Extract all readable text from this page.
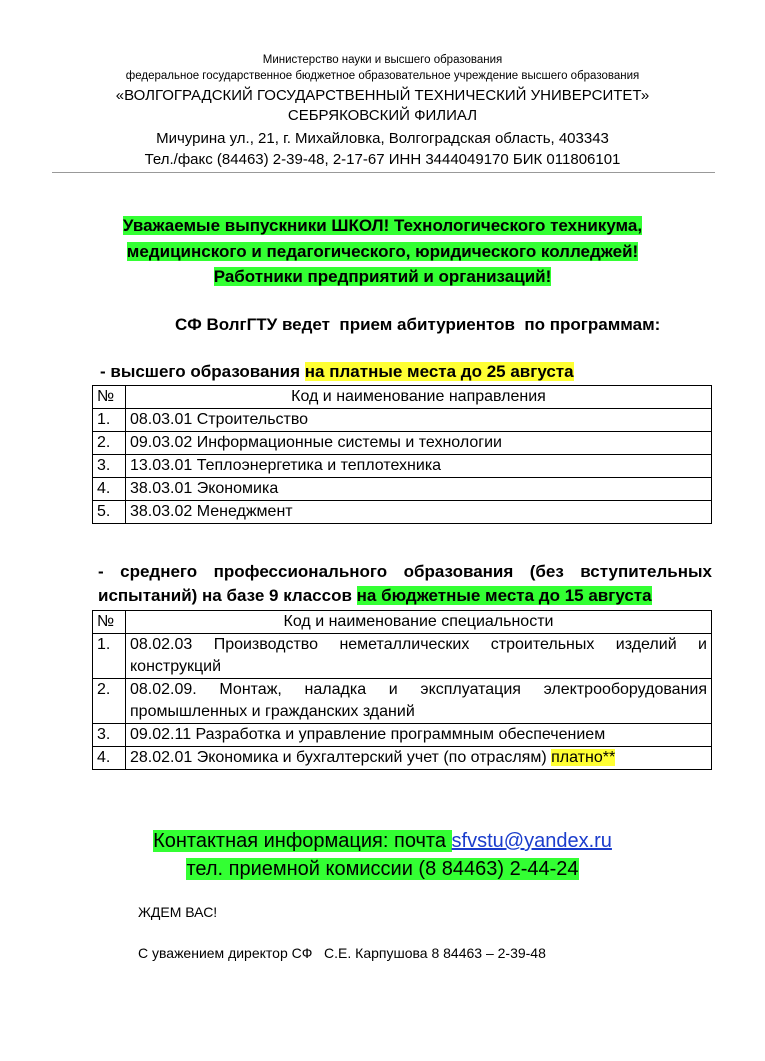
Министерство науки и высшего образования
федеральное государственное бюджетное образовательное учреждение высшего образования
«ВОЛГОГРАДСКИЙ ГОСУДАРСТВЕННЫЙ ТЕХНИЧЕСКИЙ УНИВЕРСИТЕТ»
СЕБРЯКОВСКИЙ ФИЛИАЛ
Мичурина ул., 21, г. Михайловка, Волгоградская область, 403343
Тел./факс (84463) 2-39-48, 2-17-67 ИНН 3444049170 БИК 011806101
Уважаемые выпускники ШКОЛ! Технологического техникума,
медицинского и педагогического, юридического колледжей!
Работники предприятий и организаций!
СФ ВолгГТУ ведет  прием абитуриентов  по программам:
- высшего образования на платные места до 25 августа
№	Код и наименование направления
1.	08.03.01 Строительство
2.	09.03.02 Информационные системы и технологии
3.	13.03.01 Теплоэнергетика и теплотехника
4.	38.03.01 Экономика
5.	38.03.02 Менеджмент
- среднего профессионального образования (без вступительных
испытаний) на базе 9 классов на бюджетные места до 15 августа
№	Код и наименование специальности
1.	08.02.03 Производство неметаллических строительных изделий и конструкций
2.	08.02.09. Монтаж, наладка и эксплуатация электрооборудования промышленных и гражданских зданий
3.	09.02.11 Разработка и управление программным обеспечением
4.	28.02.01 Экономика и бухгалтерский учет (по отраслям) платно**
Контактная информация: почта sfvstu@yandex.ru
тел. приемной комиссии (8 84463) 2-44-24
ЖДЕМ ВАС!
С уважением директор СФ   С.Е. Карпушова 8 84463 – 2-39-48
